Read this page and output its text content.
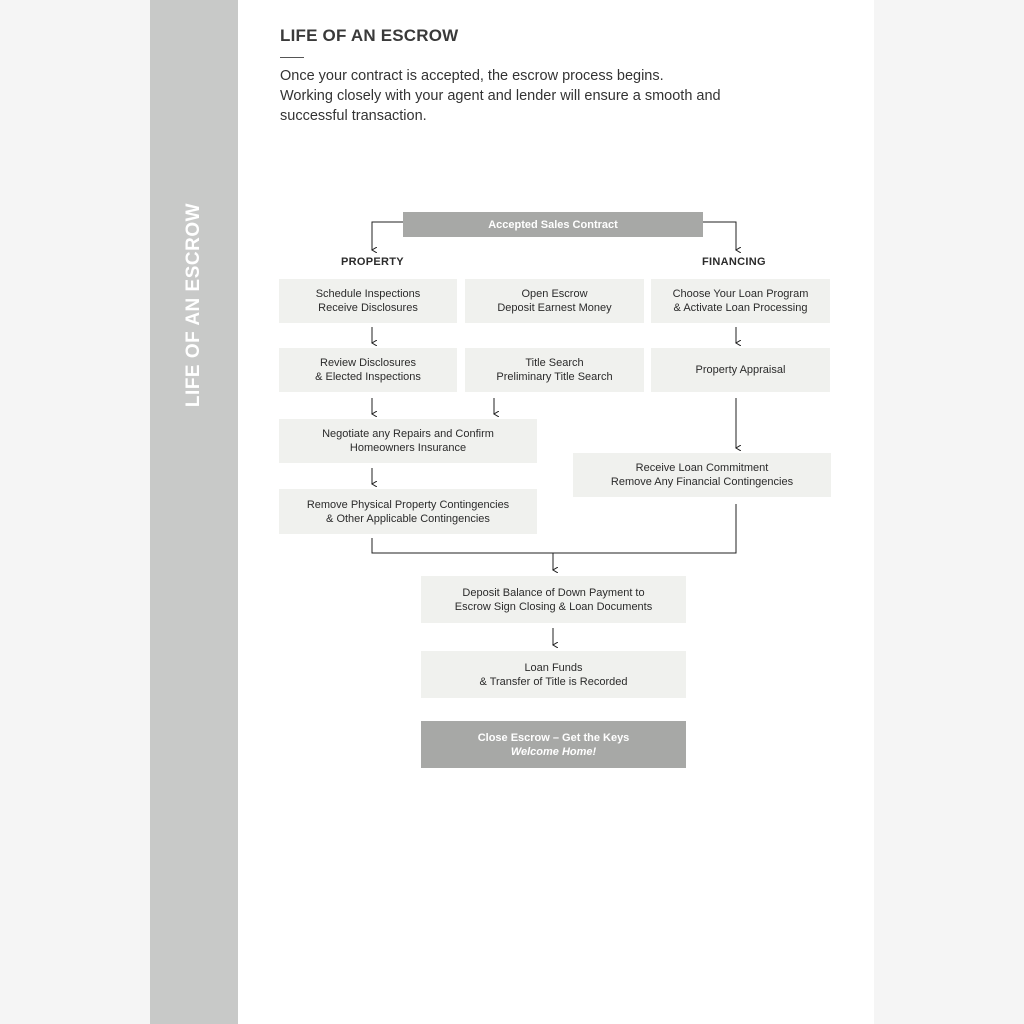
LIFE OF AN ESCROW
LIFE OF AN ESCROW
Once your contract is accepted, the escrow process begins.
Working closely with your agent and lender will ensure a smooth and
successful transaction.
Accepted Sales Contract
PROPERTY	FINANCING
Schedule Inspections
Receive Disclosures
Open Escrow
Deposit Earnest Money
Choose Your Loan Program
& Activate Loan Processing
Review Disclosures
& Elected Inspections
Title Search
Preliminary Title Search
Property Appraisal
Negotiate any Repairs and Confirm
Homeowners Insurance
Receive Loan Commitment
Remove Any Financial Contingencies
Remove Physical Property Contingencies
& Other Applicable Contingencies
Deposit Balance of Down Payment to
Escrow Sign Closing & Loan Documents
Loan Funds
& Transfer of Title is Recorded
Close Escrow – Get the Keys
Welcome Home!
